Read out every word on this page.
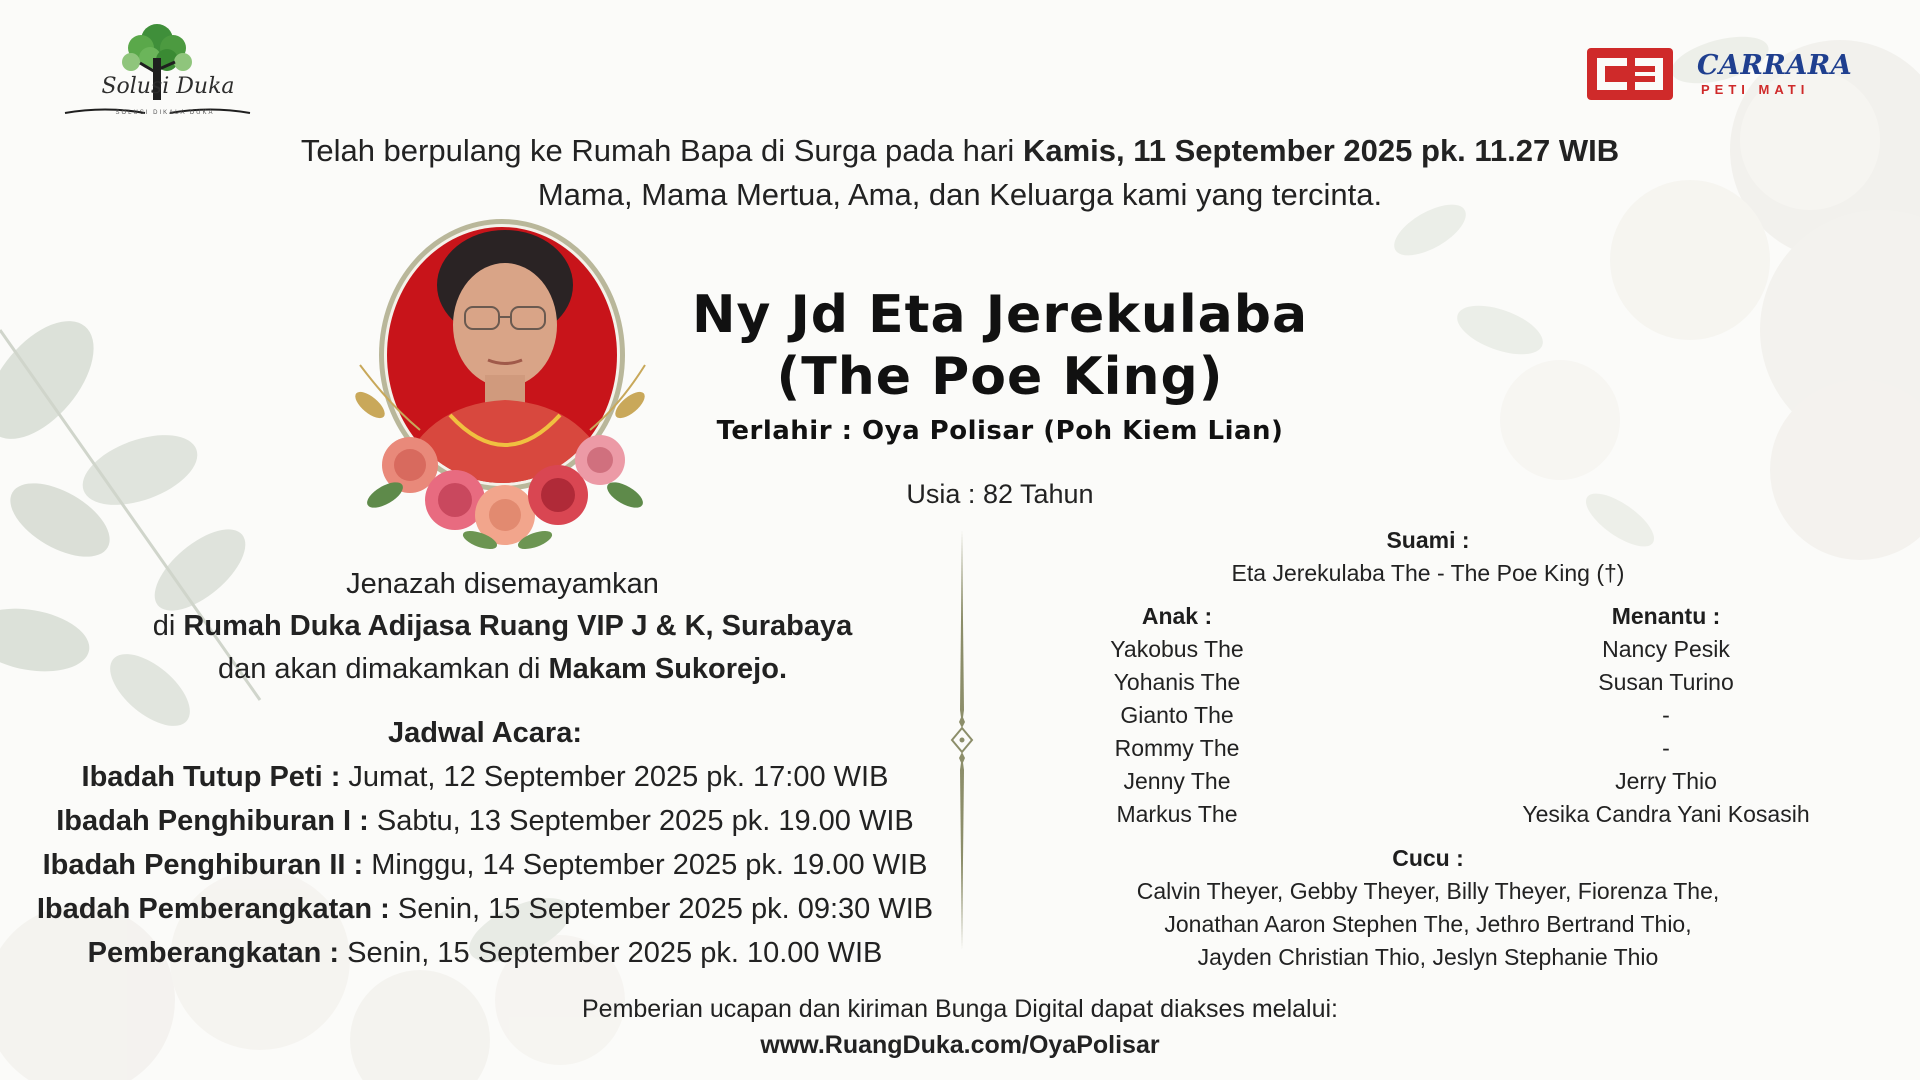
Solusi Duka
SOLUSI DIKALA DUKA
CARRARA
PETI MATI
Telah berpulang ke Rumah Bapa di Surga pada hari Kamis, 11 September 2025 pk. 11.27 WIB
Mama, Mama Mertua, Ama, dan Keluarga kami yang tercinta.
Ny Jd Eta Jerekulaba
(The Poe King)
Terlahir : Oya Polisar (Poh Kiem Lian)
Usia : 82 Tahun
Jenazah disemayamkan
di Rumah Duka Adijasa Ruang VIP J & K, Surabaya
dan akan dimakamkan di Makam Sukorejo.
Jadwal Acara:
Ibadah Tutup Peti : Jumat, 12 September 2025 pk. 17:00 WIB
Ibadah Penghiburan I : Sabtu, 13 September 2025 pk. 19.00 WIB
Ibadah Penghiburan II : Minggu, 14 September 2025 pk. 19.00 WIB
Ibadah Pemberangkatan : Senin, 15 September 2025 pk. 09:30 WIB
Pemberangkatan : Senin, 15 September 2025 pk. 10.00 WIB
Suami :
Eta Jerekulaba The - The Poe King (†)
Anak :
Yakobus The
Yohanis The
Gianto The
Rommy The
Jenny The
Markus The
Menantu :
Nancy Pesik
Susan Turino
-
-
Jerry Thio
Yesika Candra Yani Kosasih
Cucu :
Calvin Theyer, Gebby Theyer, Billy Theyer, Fiorenza The,
Jonathan Aaron Stephen The, Jethro Bertrand Thio,
Jayden Christian Thio, Jeslyn Stephanie Thio
Pemberian ucapan dan kiriman Bunga Digital dapat diakses melalui:
www.RuangDuka.com/OyaPolisar
